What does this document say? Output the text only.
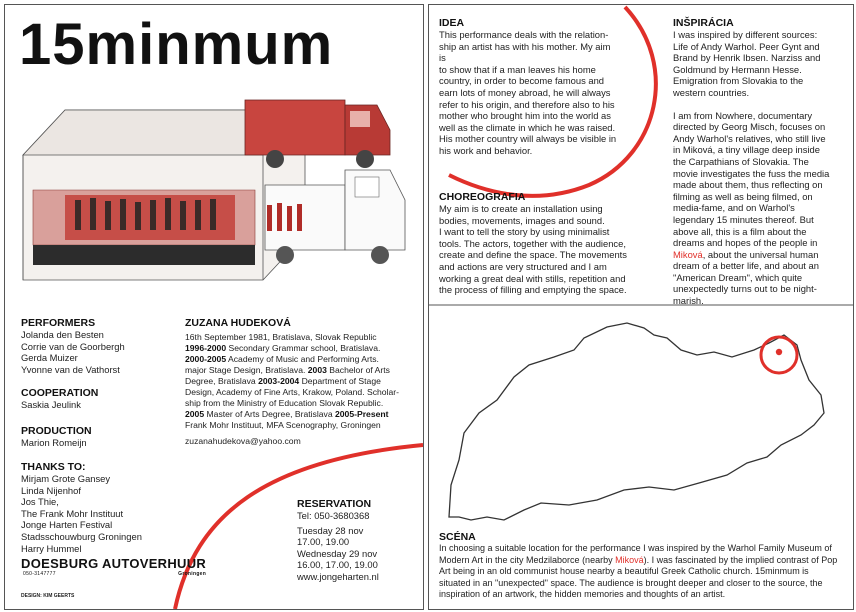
15minmum
PERFORMERS
Jolanda den Besten
Corrie van de Goorbergh
Gerda Muizer
Yvonne van de Vathorst
COOPERATION
Saskia Jeulink
PRODUCTION
Marion Romeijn
THANKS TO:
Mirjam Grote Gansey
Linda Nijenhof
Jos Thie,
The Frank Mohr Instituut
Jonge Harten Festival
Stadsschouwburg Groningen
Harry Hummel
ZUZANA HUDEKOVÁ
16th September 1981, Bratislava, Slovak Republic
1996-2000 Secondary Grammar school, Bratislava.
2000-2005 Academy of Music and Performing Arts.
major Stage Design, Bratislava. 2003 Bachelor of Arts
Degree, Bratislava 2003-2004 Department of Stage
Design, Academy of Fine Arts, Krakow, Poland. Scholar-
ship from the Ministry of Education Slovak Republic.
2005 Master of Arts Degree, Bratislava 2005-Present
Frank Mohr Instituut, MFA Scenography, Groningen
zuzanahudekova@yahoo.com
RESERVATION
Tel: 050-3680368
Tuesday 28 nov
17.00, 19.00
Wednesday 29 nov
16.00, 17.00, 19.00
www.jongeharten.nl
DOESBURG AUTOVERHUUR
050-3147777	Groningen
DESIGN: KIM GEERTS
IDEA
This performance deals with the relation-
ship an artist has with his mother. My aim is
to show that if a man leaves his home
country, in order to become famous and
earn lots of money abroad, he will always
refer to his origin, and therefore also to his
mother who brought him into the world as
well as the climate in which he was raised.
His mother country will always be visible in
his work and behavior.
CHOREOGRAFIA
My aim is to create an installation using
bodies, movements, images and sound.
I want to tell the story by using minimalist
tools. The actors, together with the audience,
create and define the space. The movements
and actions are very structured and I am
working a great deal with stills, repetition and
the process of filling and emptying the space.
INŠPIRÁCIA
I was inspired by different sources:
Life of Andy Warhol. Peer Gynt and
Brand by Henrik Ibsen. Narziss and
Goldmund by Hermann Hesse.
Emigration from Slovakia to the
western countries.
I am from Nowhere, documentary
directed by Georg Misch, focuses on
Andy Warhol's relatives, who still live
in Miková, a tiny village deep inside
the Carpathians of Slovakia. The
movie investigates the fuss the media
made about them, thus reflecting on
filming as well as being filmed, on
media-fame, and on Warhol's
legendary 15 minutes thereof. But
above all, this is a film about the
dreams and hopes of the people in
Miková, about the universal human
dream of a better life, and about an
"American Dream", which quite
unexpectedly turns out to be night-
marish.
SCÉNA
In choosing a suitable location for the performance I was inspired by the Warhol Family Museum of
Modern Art in the city Medzilaborce (nearby Miková). I was fascinated by the implied contrast of Pop
Art being in an old communist house nearby a beautiful Greek Catholic church. 15minmum is
situated in an "unexpected" space. The audience is brought deeper and closer to the source, the
inspiration of an artwork, the hidden memories and thoughts of an artist.
